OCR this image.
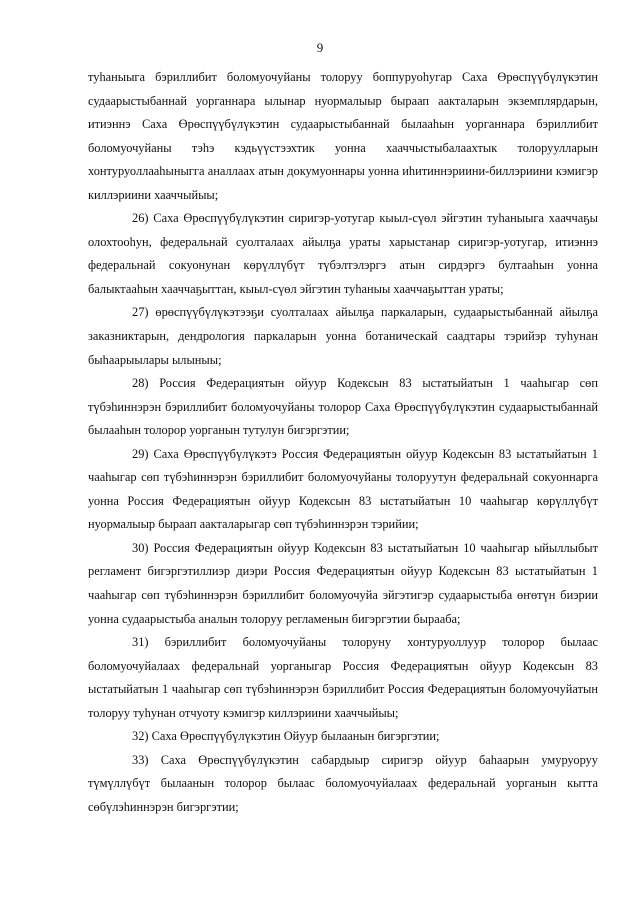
9

туһаныыга бэриллибит боломуочуйаны толоруу боппуруоһугар Саха Өрөспүүбүлүкэтин судаарыстыбаннай уорганнара ылынар нуормалыыр быраап аакталарын экземплярдарын, итиэннэ Саха Өрөспүүбүлүкэтин судаарыстыбаннай былааһын уорганнара бэриллибит боломуочуйаны тэһэ кэдьүүстээхтик уонна хааччыстыбалаахтык толоруулларын хонтуруоллааһыныгга аналлаах атын докумуоннары уонна иһитиннэриини-биллэриини кэмигэр киллэриини хааччыйыы;

26) Саха Өрөспүүбүлүкэтин сиригэр-уотугар кыыл-сүөл эйгэтин туһаныыга хааччаҕы олохтооһун, федеральнай суолталаах айылҕа ураты харыстанар сиригэр-уотугар, итиэннэ федеральнай сокуонунан көрүллүбүт түбэлтэлэргэ атын сирдэргэ бултааһын уонна балыктааһын хааччаҕыттан, кыыл-сүөл эйгэтин туһаныы хааччаҕыттан ураты;

27) өрөспүүбүлүкэтээҕи суолталаах айылҕа паркаларын, судаарыстыбаннай айылҕа заказниктарын, дендрология паркаларын уонна ботаническай саадтары тэрийэр туһунан быһаарыылары ылыныы;

28) Россия Федерациятын ойуур Кодексын 83 ыстатыйатын 1 чааһыгар сөп түбэһиннэрэн бэриллибит боломуочуйаны толорор Саха Өрөспүүбүлүкэтин судаарыстыбаннай былааһын толорор уорганын тутулун бигэргэтии;

29) Саха Өрөспүүбүлүкэтэ Россия Федерациятын ойуур Кодексын 83 ыстатыйатын 1 чааһыгар сөп түбэһиннэрэн бэриллибит боломуочуйаны толоруутун федеральнай сокуоннарга уонна Россия Федерациятын ойуур Кодексын 83 ыстатыйатын 10 чааһыгар көрүллүбүт нуормалыыр быраап аакталарыгар сөп түбэһиннэрэн тэрийии;

30) Россия Федерациятын ойуур Кодексын 83 ыстатыйатын 10 чааһыгар ыйыллыбыт регламент бигэргэтиллиэр диэри Россия Федерациятын ойуур Кодексын 83 ыстатыйатын 1 чааһыгар сөп түбэһиннэрэн бэриллибит боломуочуйа эйгэтигэр судаарыстыба өҥөтүн биэрии уонна судаарыстыба аналын толоруу регламенын бигэргэтии быраабa;

31) бэриллибит боломуочуйаны толоруну хонтуруоллуур толорор былаас боломуочуйалаах федеральнай уорганыгар Россия Федерациятын ойуур Кодексын 83 ыстатыйатын 1 чааһыгар сөп түбэһиннэрэн бэриллибит Россия Федерациятын боломуочуйатын толоруу туһунан отчуоту кэмигэр киллэриини хааччыйыы;

32) Саха Өрөспүүбүлүкэтин Ойуур былаанын бигэргэтии;

33) Саха Өрөспүүбүлүкэтин сабардыыр сиригэр ойуур баһаарын умуруоруу түмүллүбүт былаанын толорор былаас боломуочуйалаах федеральнай уорганын кытта сөбүлэһиннэрэн бигэргэтии;
